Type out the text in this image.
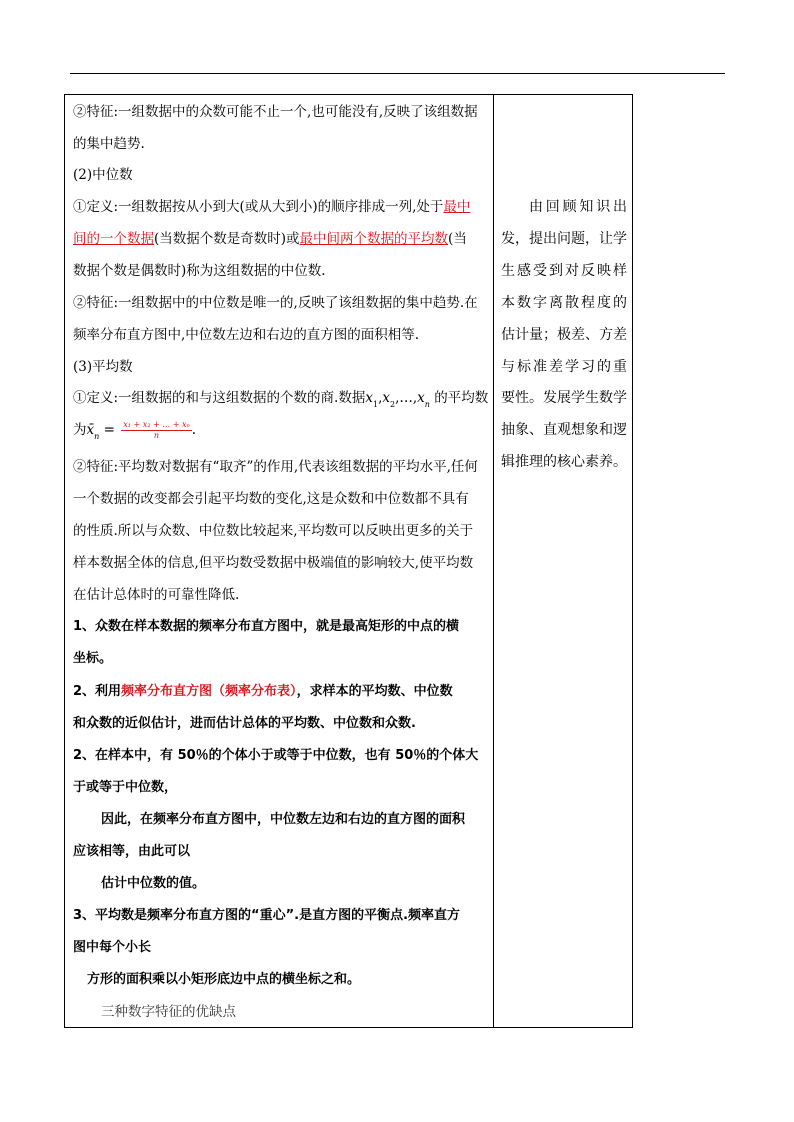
②特征:一组数据中的众数可能不止一个,也可能没有,反映了该组数据
的集中趋势.
(2)中位数
①定义:一组数据按从小到大(或从大到小)的顺序排成一列,处于最中
间的一个数据(当数据个数是奇数时)或最中间两个数据的平均数(当
数据个数是偶数时)称为这组数据的中位数.
②特征:一组数据中的中位数是唯一的,反映了该组数据的集中趋势.在
频率分布直方图中,中位数左边和右边的直方图的面积相等.
(3)平均数
①定义:一组数据的和与这组数据的个数的商.数据$x_1,x_2,\dots,x_n$ 的平均数
为$x̄_n = \frac{\text{x₁ + x₂ + … + xₙ}}{n}$ .
②特征:平均数对数据有“取齐”的作用,代表该组数据的平均水平,任何
一个数据的改变都会引起平均数的变化,这是众数和中位数都不具有
的性质.所以与众数、中位数比较起来,平均数可以反映出更多的关于
样本数据全体的信息,但平均数受数据中极端值的影响较大,使平均数
在估计总体时的可靠性降低.
1、众数在样本数据的频率分布直方图中，就是最高矩形的中点的横
坐标。
2、利用频率分布直方图（频率分布表），求样本的平均数、中位数
和众数的近似估计，进而估计总体的平均数、中位数和众数.
2、在样本中，有 50％的个体小于或等于中位数，也有 50％的个体大
于或等于中位数，
因此，在频率分布直方图中，中位数左边和右边的直方图的面积
应该相等，由此可以
估计中位数的值。
3、平均数是频率分布直方图的“重心”.是直方图的平衡点.频率直方
图中每个小长
方形的面积乘以小矩形底边中点的横坐标之和。
三种数字特征的优缺点
由回顾知识出
发，提出问题，让学
生感受到对反映样
本数字离散程度的
估计量；极差、方差
与标准差学习的重
要性。发展学生数学
抽象、直观想象和逻
辑推理的核心素养。
